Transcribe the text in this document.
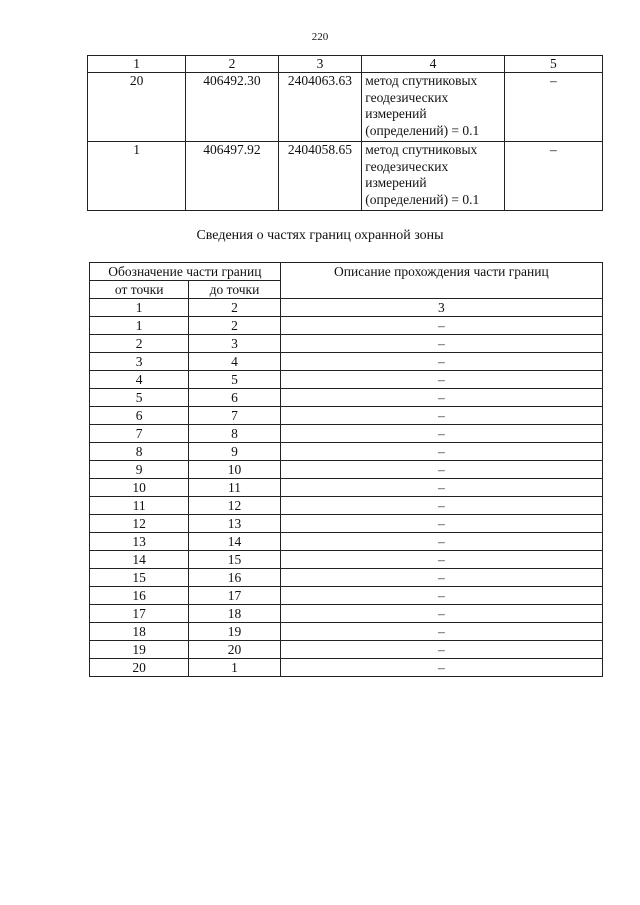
220
1	2	3	4	5
20	406492.30	2404063.63	метод спутниковых
геодезических
измерений
(определений) = 0.1	–
1	406497.92	2404058.65	метод спутниковых
геодезических
измерений
(определений) = 0.1	–
Сведения о частях границ охранной зоны
Обозначение части границ		Описание прохождения части границ
от точки	до точки	
1	2	3
1	2	–
2	3	–
3	4	–
4	5	–
5	6	–
6	7	–
7	8	–
8	9	–
9	10	–
10	11	–
11	12	–
12	13	–
13	14	–
14	15	–
15	16	–
16	17	–
17	18	–
18	19	–
19	20	–
20	1	–
